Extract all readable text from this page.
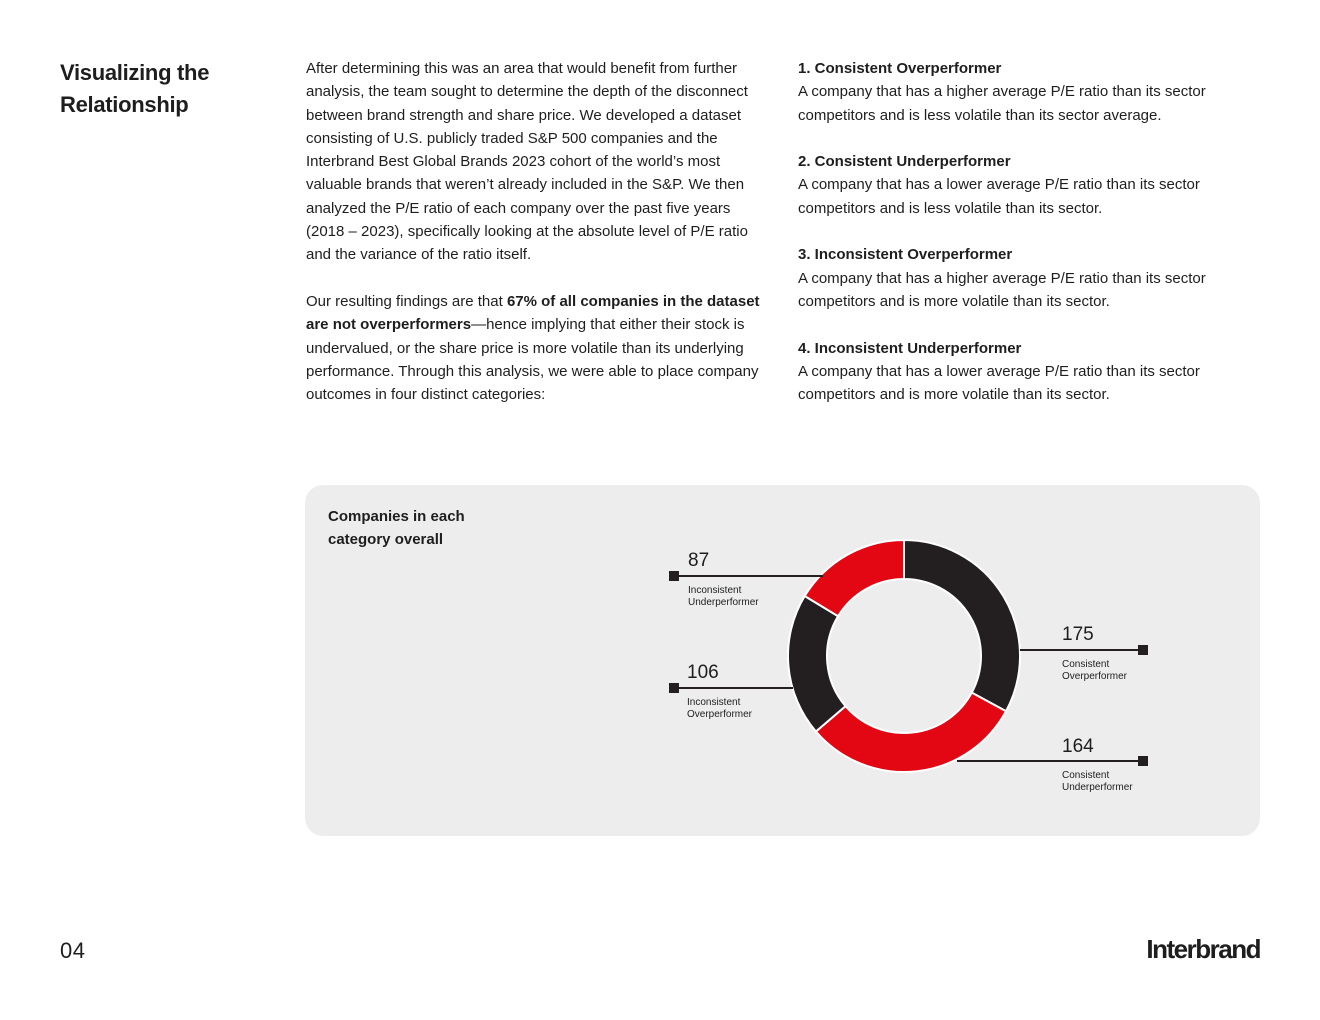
Visualizing the Relationship

After determining this was an area that would benefit from further analysis, the team sought to determine the depth of the disconnect between brand strength and share price. We developed a dataset consisting of U.S. publicly traded S&P 500 companies and the Interbrand Best Global Brands 2023 cohort of the world’s most valuable brands that weren’t already included in the S&P. We then analyzed the P/E ratio of each company over the past five years (2018 – 2023), specifically looking at the absolute level of P/E ratio and the variance of the ratio itself.

Our resulting findings are that 67% of all companies in the dataset are not overperformers—hence implying that either their stock is undervalued, or the share price is more volatile than its underlying performance. Through this analysis, we were able to place company outcomes in four distinct categories:

1. Consistent Overperformer
A company that has a higher average P/E ratio than its sector competitors and is less volatile than its sector average.
2. Consistent Underperformer
A company that has a lower average P/E ratio than its sector competitors and is less volatile than its sector.
3. Inconsistent Overperformer
A company that has a higher average P/E ratio than its sector competitors and is more volatile than its sector.
4. Inconsistent Underperformer
A company that has a lower average P/E ratio than its sector competitors and is more volatile than its sector.
Companies in each category overall
175
Consistent
Overperformer
164
Consistent
Underperformer
106
Inconsistent
Overperformer
87
Inconsistent
Underperformer
04	Interbrand
